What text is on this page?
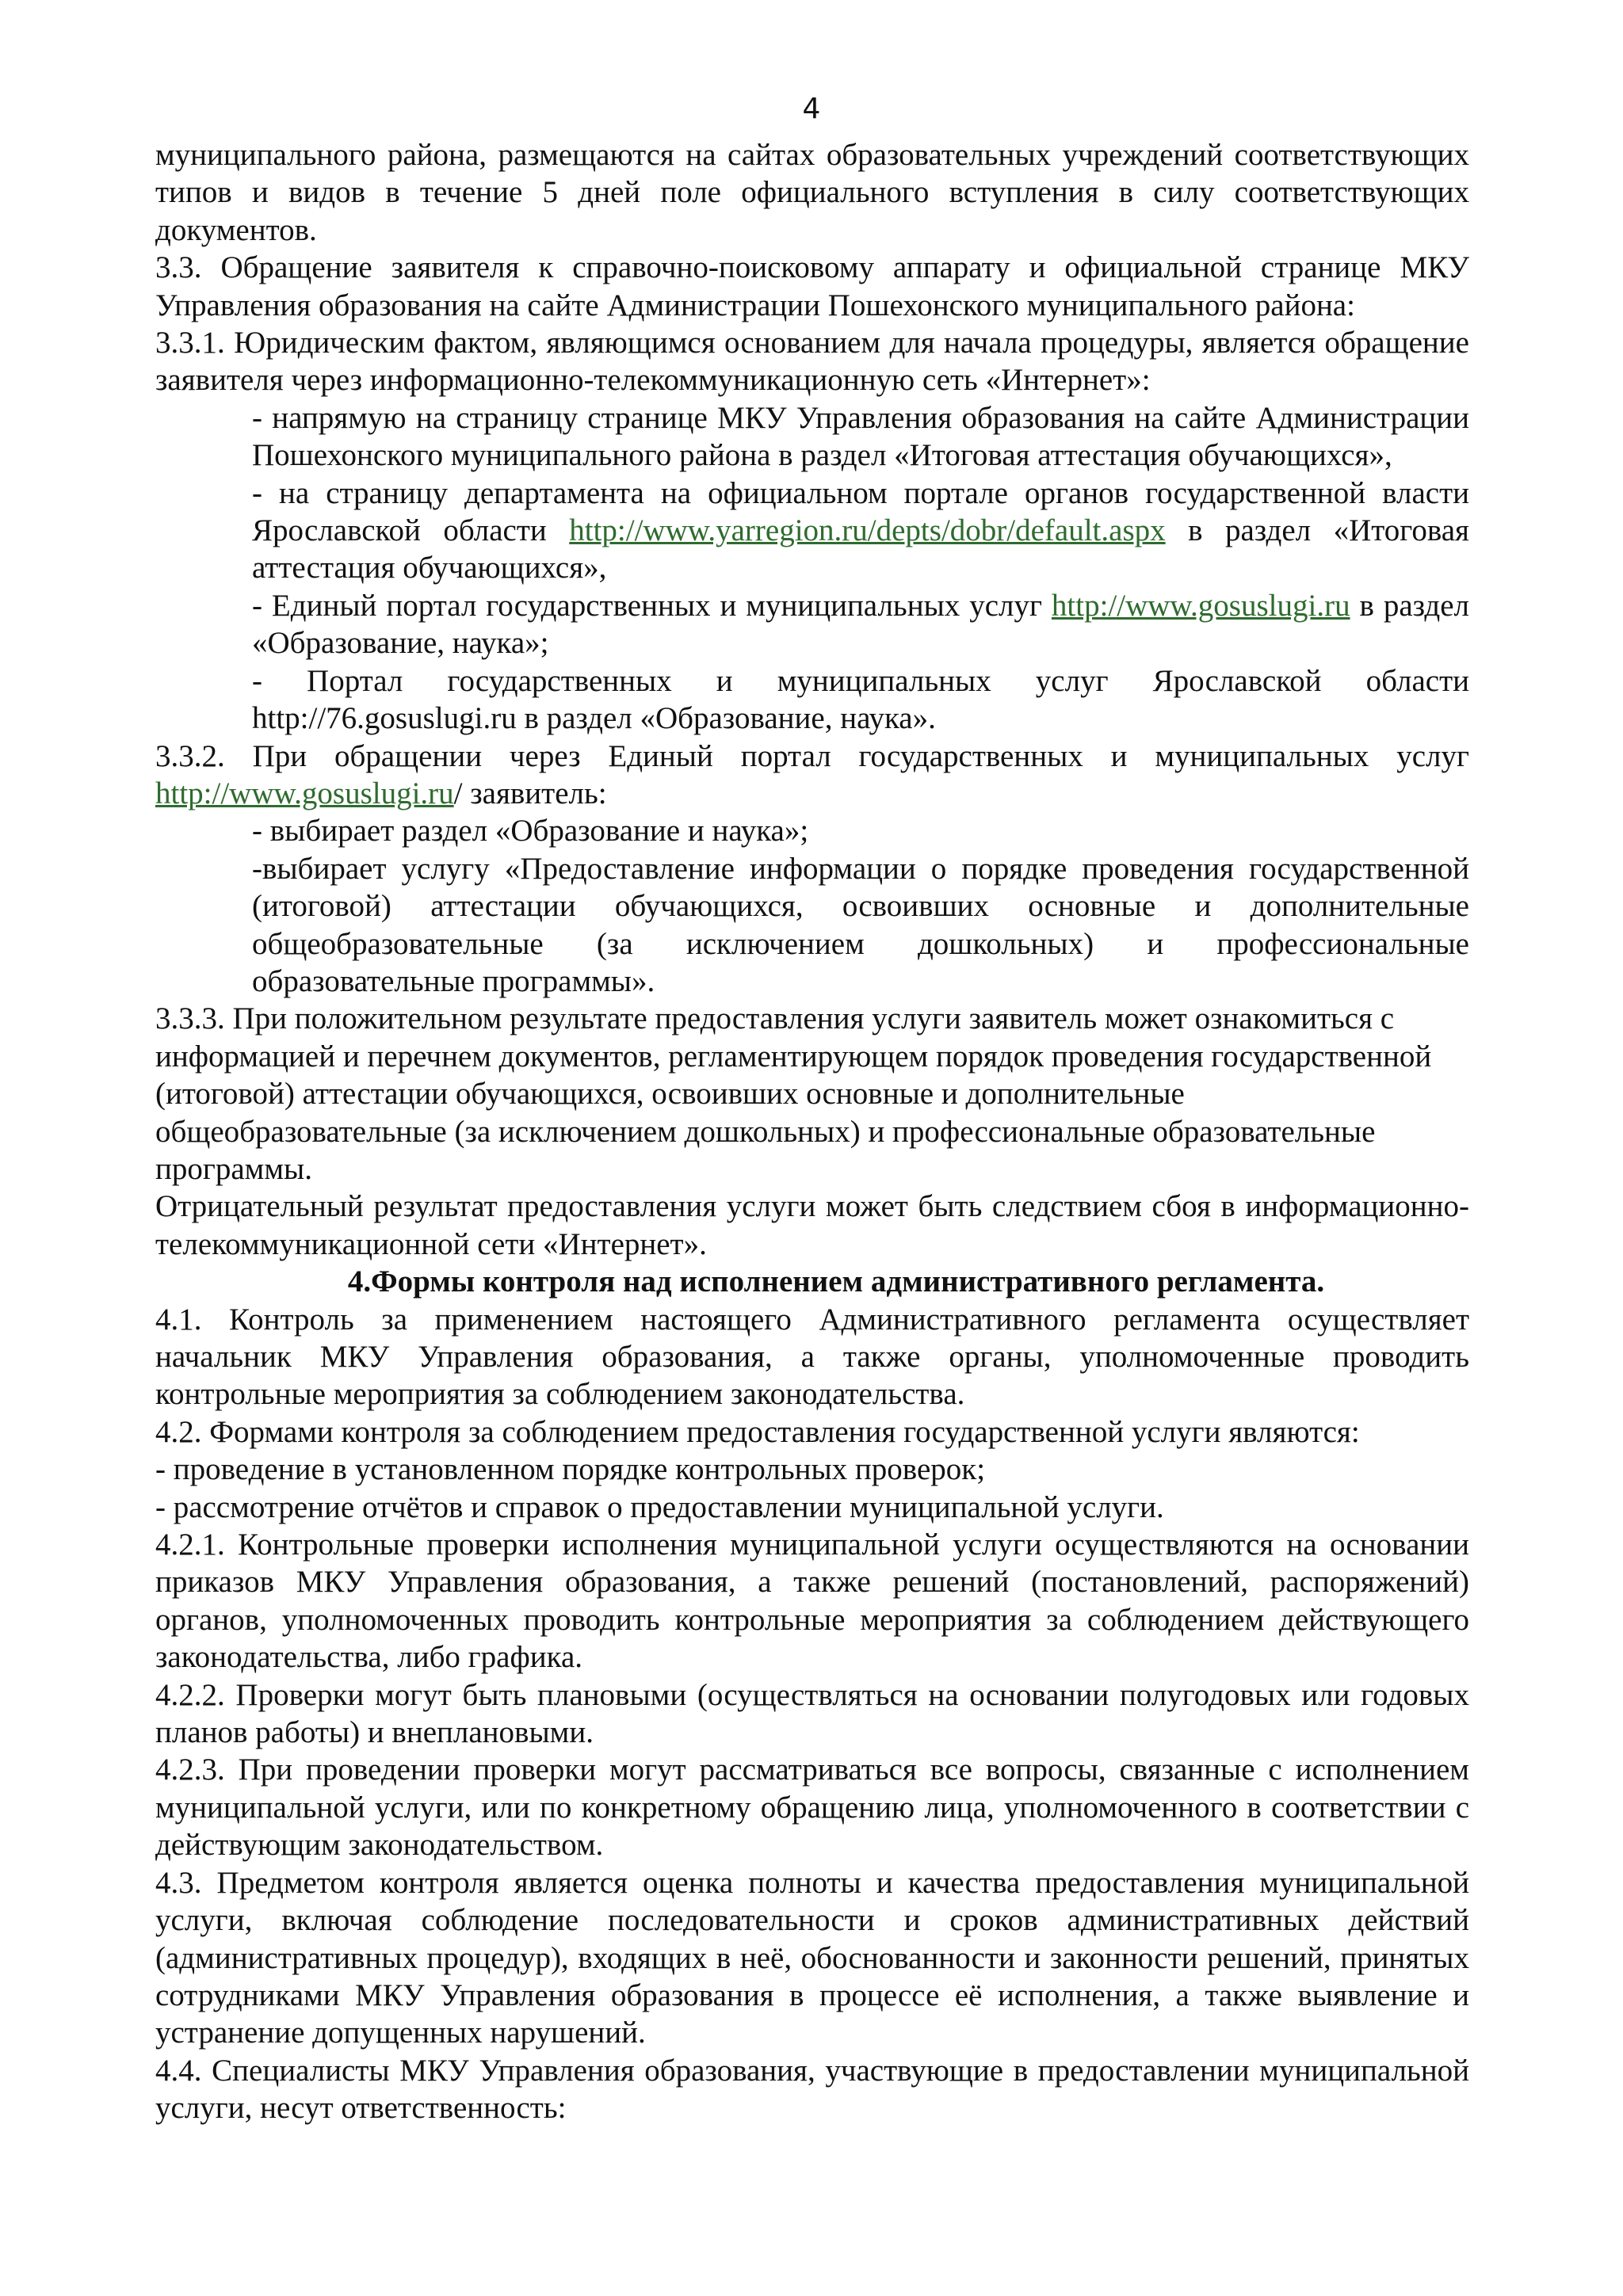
4

муниципального района, размещаются на сайтах образовательных учреждений соответствующих типов и видов в течение 5 дней поле официального вступления в силу соответствующих документов.

3.3. Обращение заявителя к справочно-поисковому аппарату и официальной странице МКУ Управления образования на сайте Администрации Пошехонского муниципального района:

3.3.1. Юридическим фактом, являющимся основанием для начала процедуры, является обращение заявителя через информационно-телекоммуникационную сеть «Интернет»:

- напрямую на страницу странице МКУ Управления образования на сайте Администрации Пошехонского муниципального района в раздел «Итоговая аттестация обучающихся»,

- на страницу департамента на официальном портале органов государственной власти Ярославской области http://www.yarregion.ru/depts/dobr/default.aspx в раздел «Итоговая аттестация обучающихся»,

- Единый портал государственных и муниципальных услуг http://www.gosuslugi.ru в раздел «Образование, наука»;

- Портал государственных и муниципальных услуг Ярославской области http://76.gosuslugi.ru в раздел «Образование, наука».

3.3.2. При обращении через Единый портал государственных и муниципальных услуг http://www.gosuslugi.ru/ заявитель:

- выбирает раздел «Образование и наука»;

-выбирает услугу «Предоставление информации о порядке проведения государственной (итоговой) аттестации обучающихся, освоивших основные и дополнительные общеобразовательные (за исключением дошкольных) и профессиональные образовательные программы».

3.3.3. При положительном результате предоставления услуги заявитель может ознакомиться с информацией и перечнем документов, регламентирующем порядок проведения государственной (итоговой) аттестации обучающихся, освоивших основные и дополнительные общеобразовательные (за исключением дошкольных) и профессиональные образовательные программы.

Отрицательный результат предоставления услуги может быть следствием сбоя в информационно-телекоммуникационной сети «Интернет».

4.Формы контроля над исполнением административного регламента.

4.1. Контроль за применением настоящего Административного регламента осуществляет начальник МКУ Управления образования, а также органы, уполномоченные проводить контрольные мероприятия за соблюдением законодательства.

4.2. Формами контроля за соблюдением предоставления государственной услуги являются:

- проведение в установленном порядке контрольных проверок;

- рассмотрение отчётов и справок о предоставлении муниципальной услуги.

4.2.1. Контрольные проверки исполнения муниципальной услуги осуществляются на основании приказов МКУ Управления образования, а также решений (постановлений, распоряжений) органов, уполномоченных проводить контрольные мероприятия за соблюдением действующего законодательства, либо графика.

4.2.2. Проверки могут быть плановыми (осуществляться на основании полугодовых или годовых планов работы) и внеплановыми.

4.2.3. При проведении проверки могут рассматриваться все вопросы, связанные с исполнением муниципальной услуги, или по конкретному обращению лица, уполномоченного в соответствии с действующим законодательством.

4.3. Предметом контроля является оценка полноты и качества предоставления муниципальной услуги, включая соблюдение последовательности и сроков административных действий (административных процедур), входящих в неё, обоснованности и законности решений, принятых сотрудниками МКУ Управления образования в процессе её исполнения, а также выявление и устранение допущенных нарушений.

4.4. Специалисты МКУ Управления образования, участвующие в предоставлении муниципальной услуги, несут ответственность:
